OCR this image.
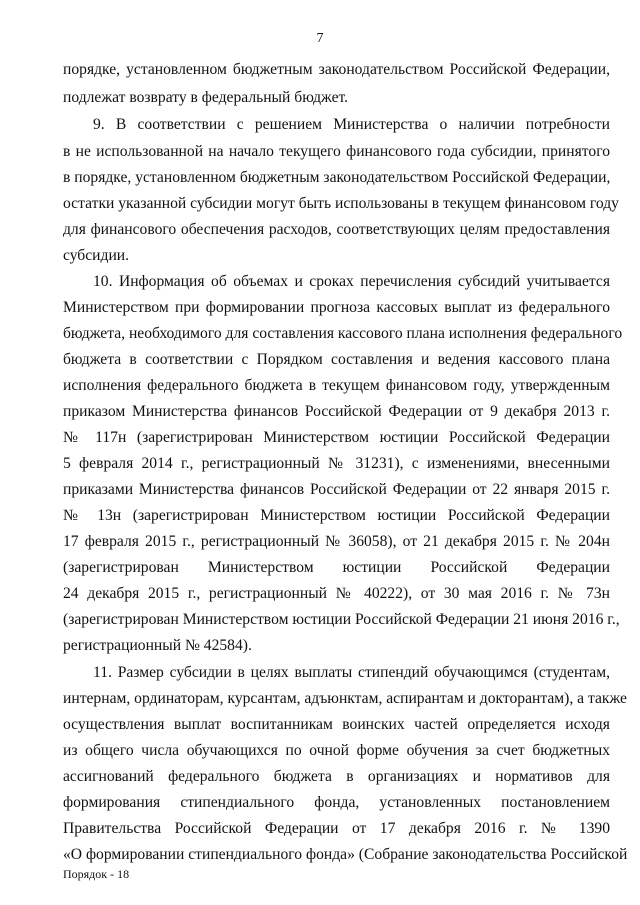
7
порядке, установленном бюджетным законодательством Российской Федерации,
подлежат возврату в федеральный бюджет.
9. В соответствии с решением Министерства о наличии потребности
в не использованной на начало текущего финансового года субсидии, принятого
в порядке, установленном бюджетным законодательством Российской Федерации,
остатки указанной субсидии могут быть использованы в текущем финансовом году
для финансового обеспечения расходов, соответствующих целям предоставления
субсидии.
10. Информация об объемах и сроках перечисления субсидий учитывается
Министерством при формировании прогноза кассовых выплат из федерального
бюджета, необходимого для составления кассового плана исполнения федерального
бюджета в соответствии с Порядком составления и ведения кассового плана
исполнения федерального бюджета в текущем финансовом году, утвержденным
приказом Министерства финансов Российской Федерации от 9 декабря 2013 г.
№ 117н (зарегистрирован Министерством юстиции Российской Федерации
5 февраля 2014 г., регистрационный № 31231), с изменениями, внесенными
приказами Министерства финансов Российской Федерации от 22 января 2015 г.
№ 13н (зарегистрирован Министерством юстиции Российской Федерации
17 февраля 2015 г., регистрационный № 36058), от 21 декабря 2015 г. № 204н
(зарегистрирован Министерством юстиции Российской Федерации
24 декабря 2015 г., регистрационный № 40222), от 30 мая 2016 г. № 73н
(зарегистрирован Министерством юстиции Российской Федерации 21 июня 2016 г.,
регистрационный № 42584).
11. Размер субсидии в целях выплаты стипендий обучающимся (студентам,
интернам, ординаторам, курсантам, адъюнктам, аспирантам и докторантам), а также
осуществления выплат воспитанникам воинских частей определяется исходя
из общего числа обучающихся по очной форме обучения за счет бюджетных
ассигнований федерального бюджета в организациях и нормативов для
формирования стипендиального фонда, установленных постановлением
Правительства Российской Федерации от 17 декабря 2016 г. № 1390
«О формировании стипендиального фонда» (Собрание законодательства Российской
Порядок - 18
